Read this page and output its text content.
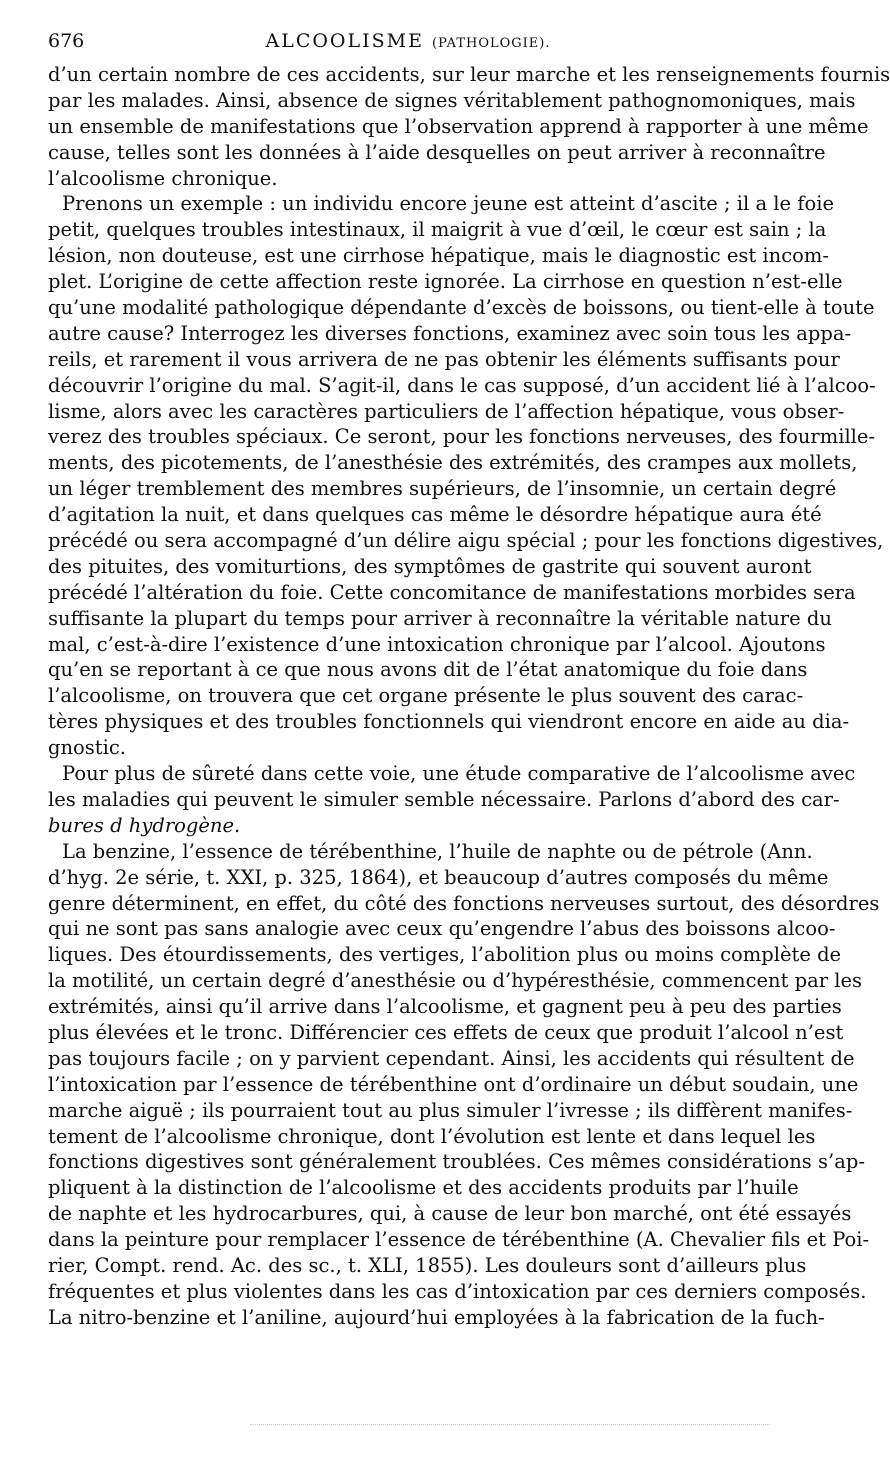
676	ALCOOLISME (PATHOLOGIE).
d’un certain nombre de ces accidents, sur leur marche et les renseignements fournis
par les malades. Ainsi, absence de signes véritablement pathognomoniques, mais
un ensemble de manifestations que l’observation apprend à rapporter à une même
cause, telles sont les données à l’aide desquelles on peut arriver à reconnaître
l’alcoolisme chronique.
Prenons un exemple : un individu encore jeune est atteint d’ascite ; il a le foie
petit, quelques troubles intestinaux, il maigrit à vue d’œil, le cœur est sain ; la
lésion, non douteuse, est une cirrhose hépatique, mais le diagnostic est incom-
plet. L’origine de cette affection reste ignorée. La cirrhose en question n’est-elle
qu’une modalité pathologique dépendante d’excès de boissons, ou tient-elle à toute
autre cause? Interrogez les diverses fonctions, examinez avec soin tous les appa-
reils, et rarement il vous arrivera de ne pas obtenir les éléments suffisants pour
découvrir l’origine du mal. S’agit-il, dans le cas supposé, d’un accident lié à l’alcoo-
lisme, alors avec les caractères particuliers de l’affection hépatique, vous obser-
verez des troubles spéciaux. Ce seront, pour les fonctions nerveuses, des fourmille-
ments, des picotements, de l’anesthésie des extrémités, des crampes aux mollets,
un léger tremblement des membres supérieurs, de l’insomnie, un certain degré
d’agitation la nuit, et dans quelques cas même le désordre hépatique aura été
précédé ou sera accompagné d’un délire aigu spécial ; pour les fonctions digestives,
des pituites, des vomiturtions, des symptômes de gastrite qui souvent auront
précédé l’altération du foie. Cette concomitance de manifestations morbides sera
suffisante la plupart du temps pour arriver à reconnaître la véritable nature du
mal, c’est-à-dire l’existence d’une intoxication chronique par l’alcool. Ajoutons
qu’en se reportant à ce que nous avons dit de l’état anatomique du foie dans
l’alcoolisme, on trouvera que cet organe présente le plus souvent des carac-
tères physiques et des troubles fonctionnels qui viendront encore en aide au dia-
gnostic.
Pour plus de sûreté dans cette voie, une étude comparative de l’alcoolisme avec
les maladies qui peuvent le simuler semble nécessaire. Parlons d’abord des car-
bures d hydrogène.
La benzine, l’essence de térébenthine, l’huile de naphte ou de pétrole (Ann.
d’hyg. 2e série, t. XXI, p. 325, 1864), et beaucoup d’autres composés du même
genre déterminent, en effet, du côté des fonctions nerveuses surtout, des désordres
qui ne sont pas sans analogie avec ceux qu’engendre l’abus des boissons alcoo-
liques. Des étourdissements, des vertiges, l’abolition plus ou moins complète de
la motilité, un certain degré d’anesthésie ou d’hypéresthésie, commencent par les
extrémités, ainsi qu’il arrive dans l’alcoolisme, et gagnent peu à peu des parties
plus élevées et le tronc. Différencier ces effets de ceux que produit l’alcool n’est
pas toujours facile ; on y parvient cependant. Ainsi, les accidents qui résultent de
l’intoxication par l’essence de térébenthine ont d’ordinaire un début soudain, une
marche aiguë ; ils pourraient tout au plus simuler l’ivresse ; ils diffèrent manifes-
tement de l’alcoolisme chronique, dont l’évolution est lente et dans lequel les
fonctions digestives sont généralement troublées. Ces mêmes considérations s’ap-
pliquent à la distinction de l’alcoolisme et des accidents produits par l’huile
de naphte et les hydrocarbures, qui, à cause de leur bon marché, ont été essayés
dans la peinture pour remplacer l’essence de térébenthine (A. Chevalier fils et Poi-
rier, Compt. rend. Ac. des sc., t. XLI, 1855). Les douleurs sont d’ailleurs plus
fréquentes et plus violentes dans les cas d’intoxication par ces derniers composés.
La nitro-benzine et l’aniline, aujourd’hui employées à la fabrication de la fuch-
